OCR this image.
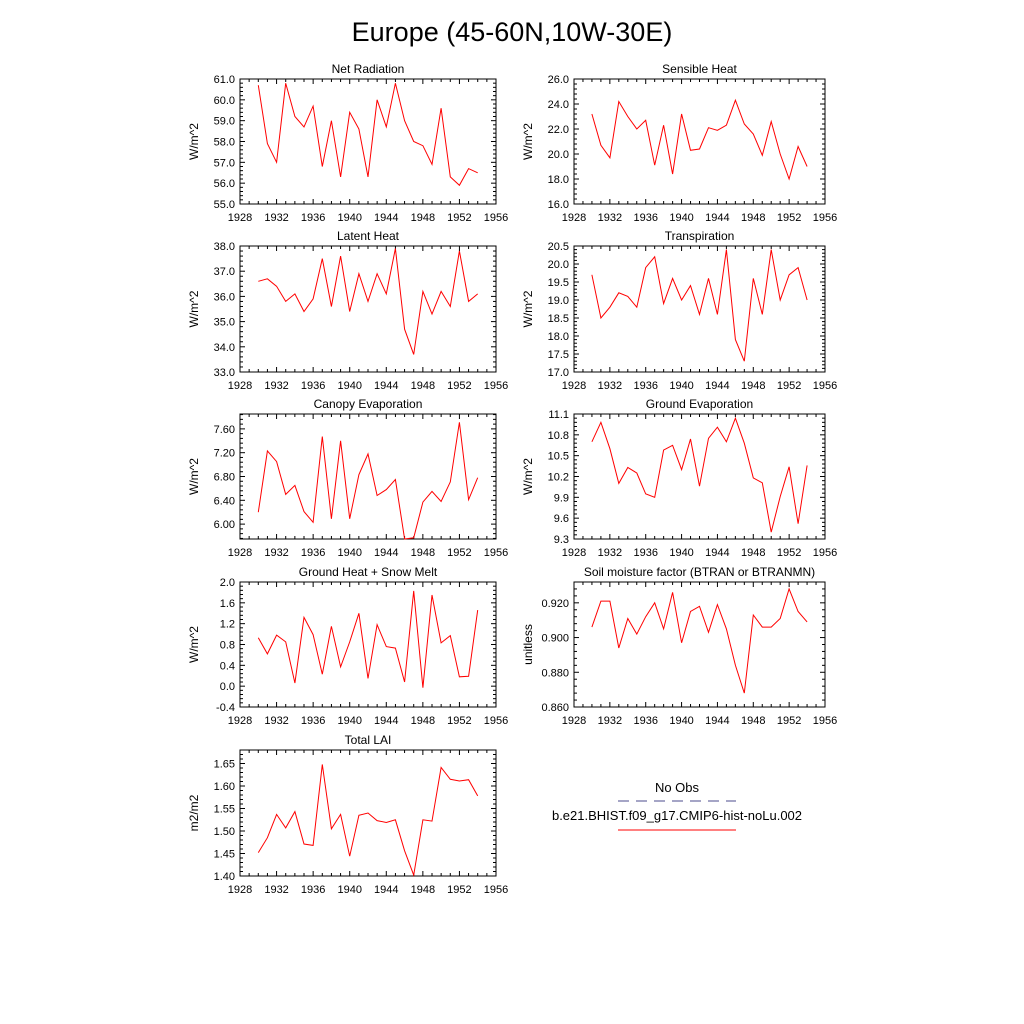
Europe (45-60N,10W-30E)
Net Radiation
W/m^2
1928 1932 1936 1940 1944 1948 1952 1956
55.0
56.0
57.0
58.0
59.0
60.0
61.0
Sensible Heat
W/m^2
1928 1932 1936 1940 1944 1948 1952 1956
16.0
18.0
20.0
22.0
24.0
26.0
Latent Heat
W/m^2
1928 1932 1936 1940 1944 1948 1952 1956
33.0
34.0
35.0
36.0
37.0
38.0
Transpiration
W/m^2
1928 1932 1936 1940 1944 1948 1952 1956
17.0
17.5
18.0
18.5
19.0
19.5
20.0
20.5
Canopy Evaporation
W/m^2
1928 1932 1936 1940 1944 1948 1952 1956
6.00
6.40
6.80
7.20
7.60
Ground Evaporation
W/m^2
1928 1932 1936 1940 1944 1948 1952 1956
9.3
9.6
9.9
10.2
10.5
10.8
11.1
Ground Heat + Snow Melt
W/m^2
1928 1932 1936 1940 1944 1948 1952 1956
-0.4
0.0
0.4
0.8
1.2
1.6
2.0
Soil moisture factor (BTRAN or BTRANMN)
unitless
1928 1932 1936 1940 1944 1948 1952 1956
0.860
0.880
0.900
0.920
Total LAI
m2/m2
1928 1932 1936 1940 1944 1948 1952 1956
1.40
1.45
1.50
1.55
1.60
1.65
No Obs
b.e21.BHIST.f09_g17.CMIP6-hist-noLu.002
